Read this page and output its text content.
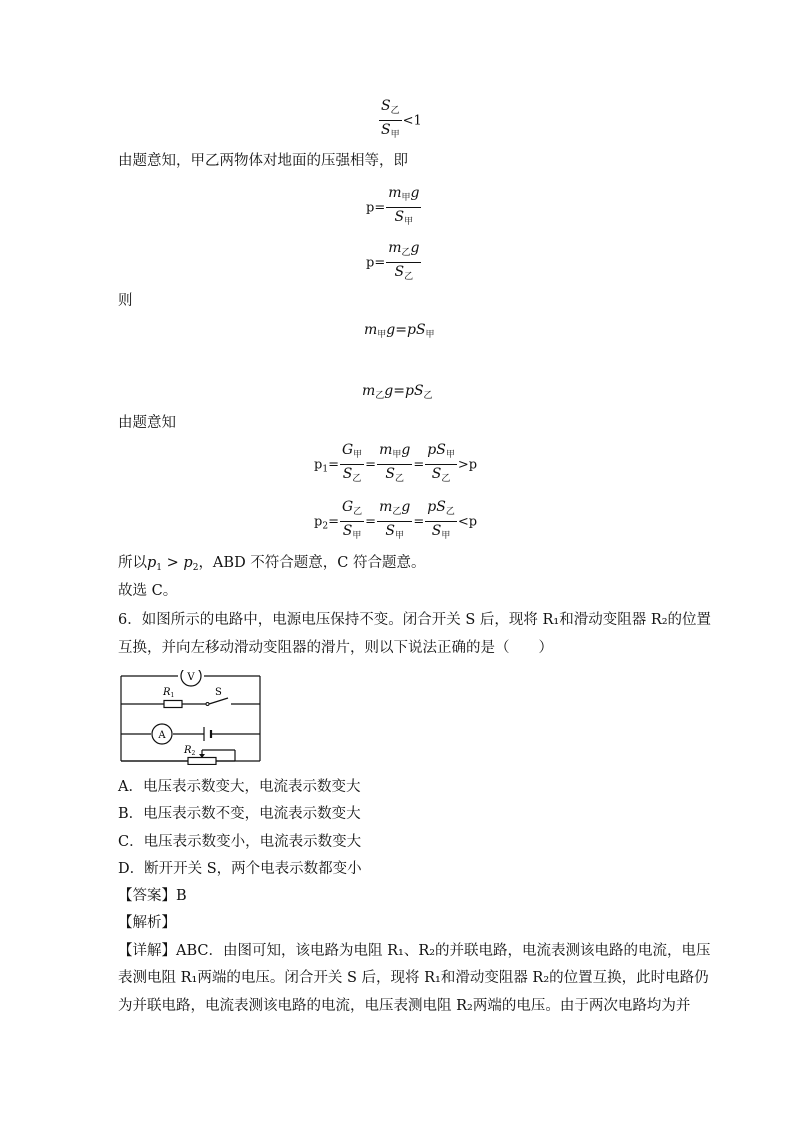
$\frac{S_乙}{S_甲} <1$
由题意知，甲乙两物体对地面的压强相等，即
$p= \frac{m_甲g}{S_甲}$
$p= \frac{m_乙g}{S_乙}$
则
$m_甲g=pS_甲$
$m_乙g=pS_乙$
由题意知
$p_1= \frac{G_甲}{S_乙} = \frac{m_甲g}{S_乙} = \frac{pS_甲}{S_乙} >p$
$p_2= \frac{G_乙}{S_甲} = \frac{m_乙g}{S_甲} = \frac{pS_乙}{S_甲} <p$
所以$p_1 > p_2$，ABD 不符合题意，C 符合题意。
故选 C。
6．如图所示的电路中，电源电压保持不变。闭合开关 S 后，现将 R₁和滑动变阻器 R₂的位置
互换，并向左移动滑动变阻器的滑片，则以下说法正确的是（　　）
V
$R_1$	S
A
$R_2$
A．电压表示数变大，电流表示数变大
B．电压表示数不变，电流表示数变大
C．电压表示数变小，电流表示数变大
D．断开开关 S，两个电表示数都变小
【答案】B
【解析】
【详解】ABC．由图可知，该电路为电阻 R₁、R₂的并联电路，电流表测该电路的电流，电压
表测电阻 R₁两端的电压。闭合开关 S 后，现将 R₁和滑动变阻器 R₂的位置互换，此时电路仍
为并联电路，电流表测该电路的电流，电压表测电阻 R₂两端的电压。由于两次电路均为并
